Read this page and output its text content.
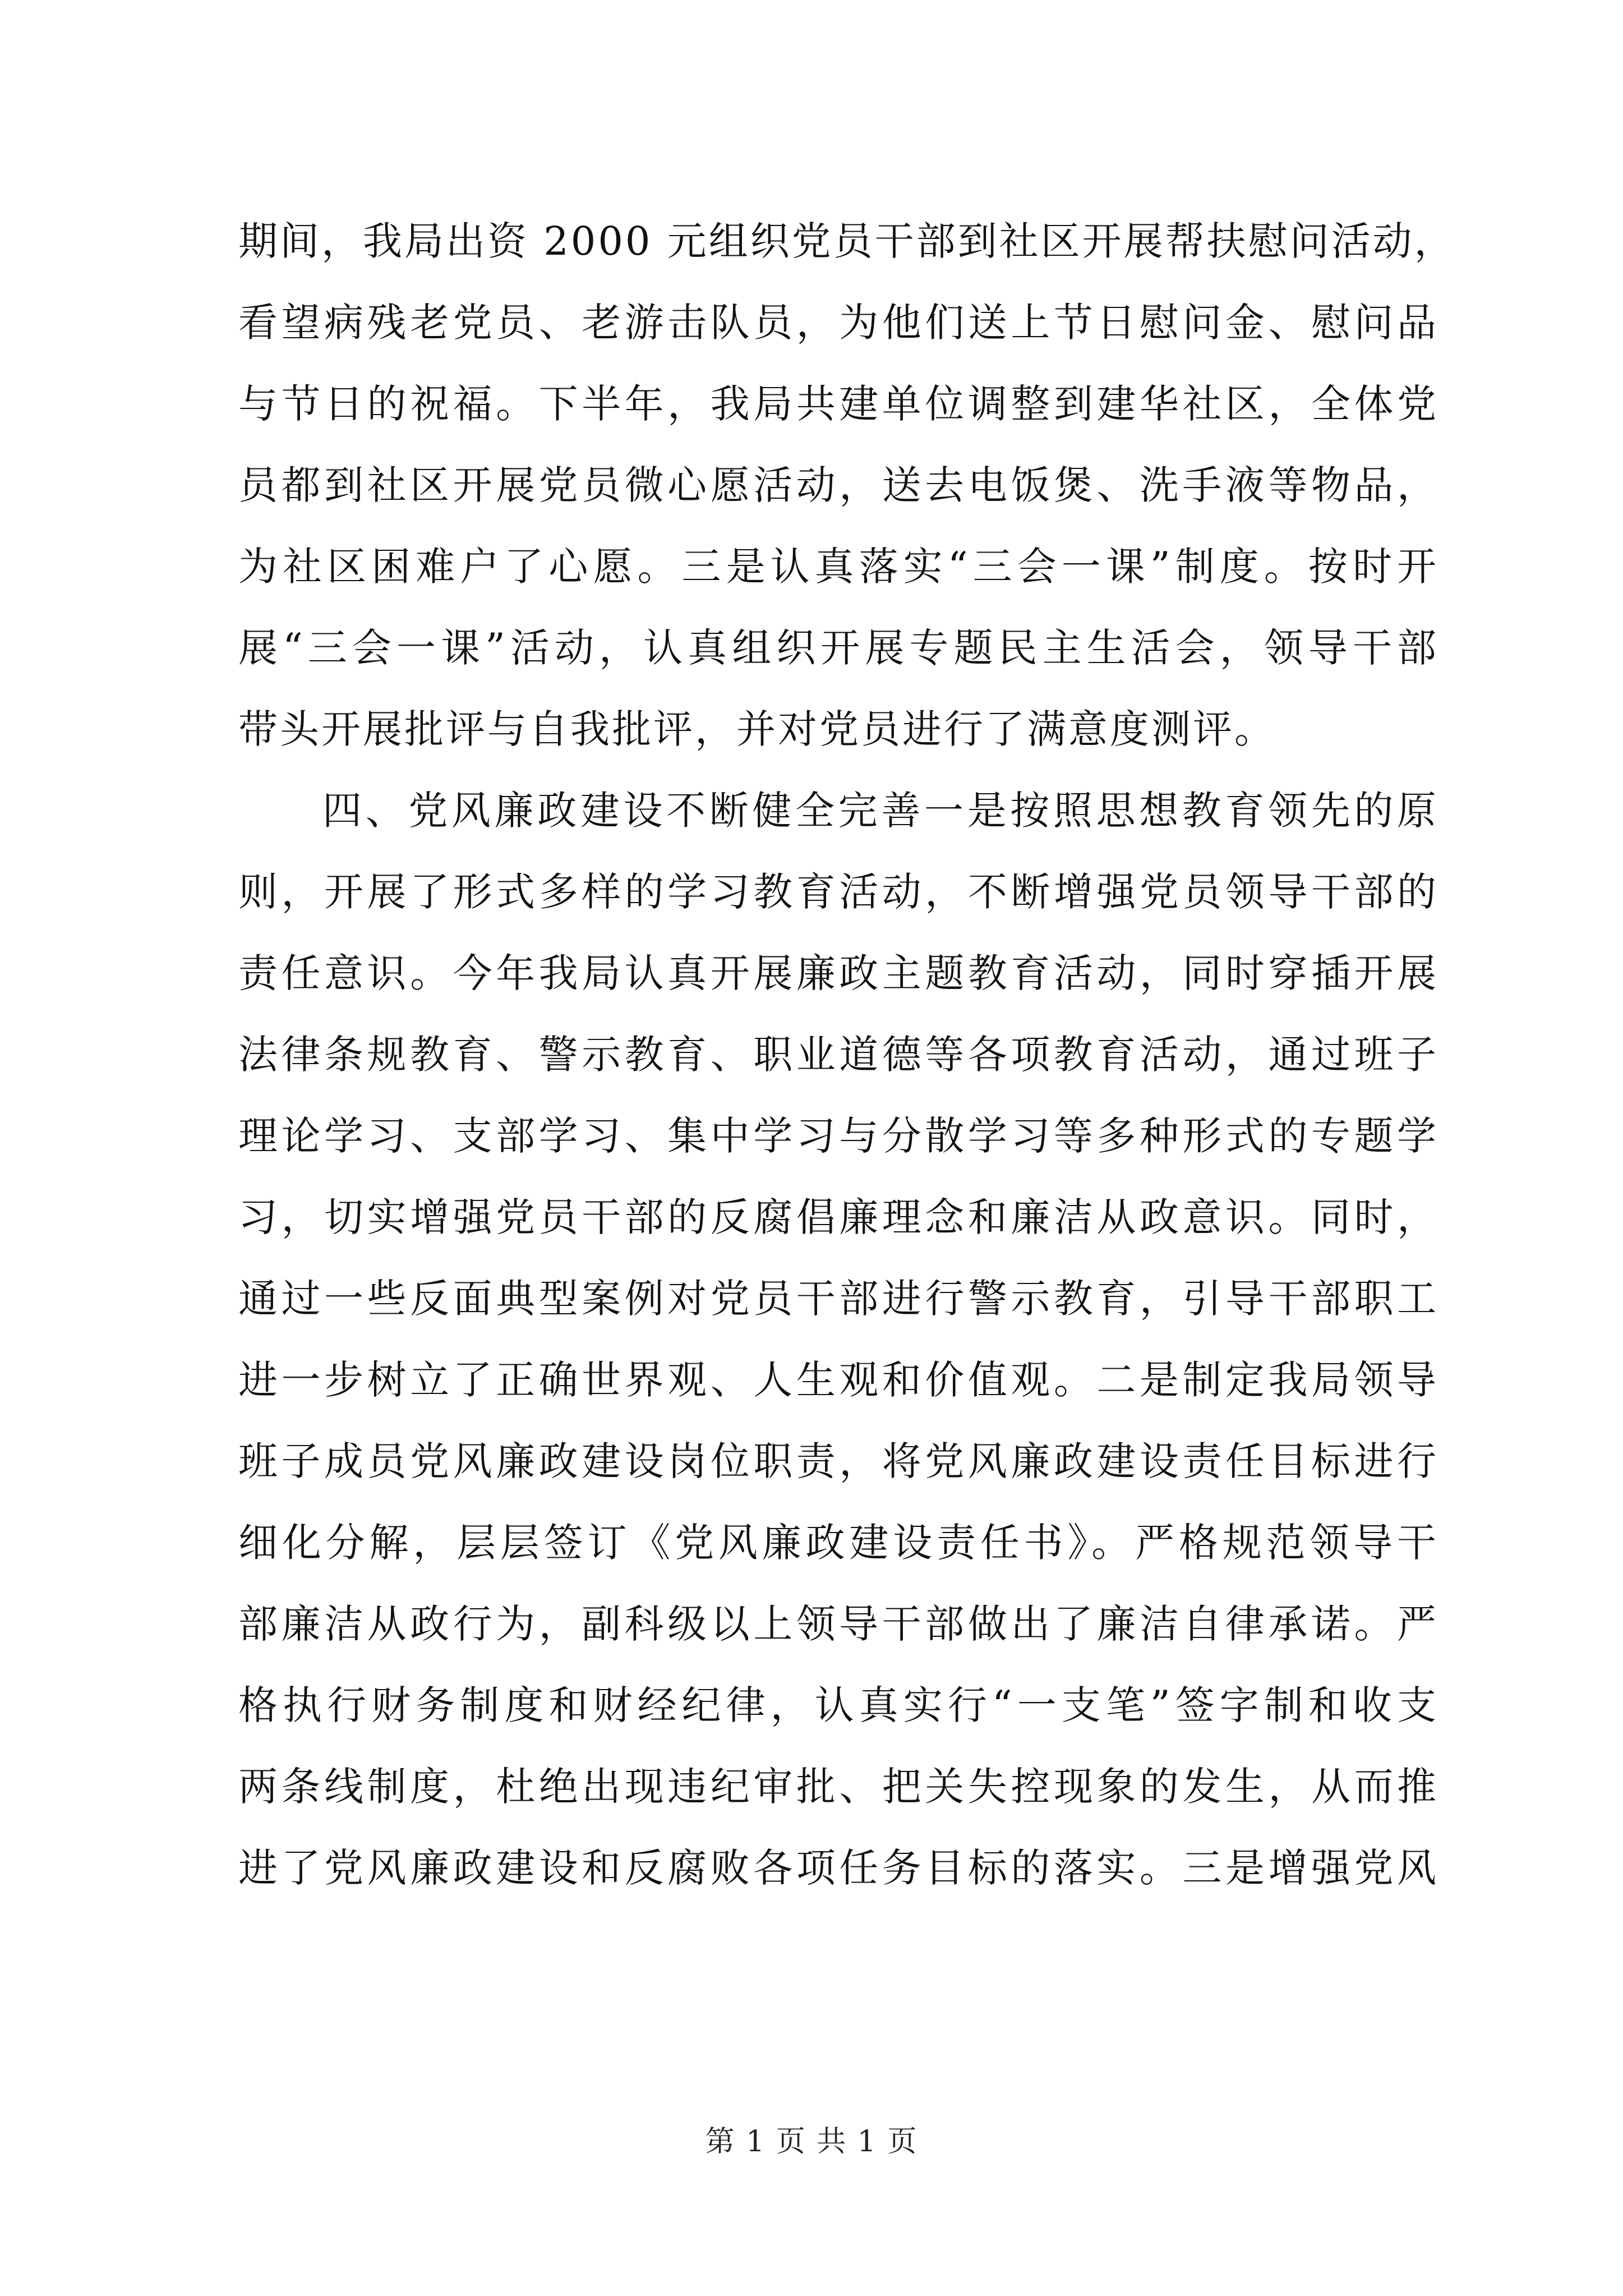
期间，我局出资 2000 元组织党员干部到社区开展帮扶慰问活动，
看望病残老党员、老游击队员，为他们送上节日慰问金、慰问品
与节日的祝福。下半年，我局共建单位调整到建华社区，全体党
员都到社区开展党员微心愿活动，送去电饭煲、洗手液等物品，
为社区困难户了心愿。三是认真落实“三会一课”制度。按时开
展“三会一课”活动，认真组织开展专题民主生活会，领导干部
带头开展批评与自我批评，并对党员进行了满意度测评。
四、党风廉政建设不断健全完善一是按照思想教育领先的原
则，开展了形式多样的学习教育活动，不断增强党员领导干部的
责任意识。今年我局认真开展廉政主题教育活动，同时穿插开展
法律条规教育、警示教育、职业道德等各项教育活动，通过班子
理论学习、支部学习、集中学习与分散学习等多种形式的专题学
习，切实增强党员干部的反腐倡廉理念和廉洁从政意识。同时，
通过一些反面典型案例对党员干部进行警示教育，引导干部职工
进一步树立了正确世界观、人生观和价值观。二是制定我局领导
班子成员党风廉政建设岗位职责，将党风廉政建设责任目标进行
细化分解，层层签订《党风廉政建设责任书》。严格规范领导干
部廉洁从政行为，副科级以上领导干部做出了廉洁自律承诺。严
格执行财务制度和财经纪律，认真实行“一支笔”签字制和收支
两条线制度，杜绝出现违纪审批、把关失控现象的发生，从而推
进了党风廉政建设和反腐败各项任务目标的落实。三是增强党风
第 1 页 共 1 页
